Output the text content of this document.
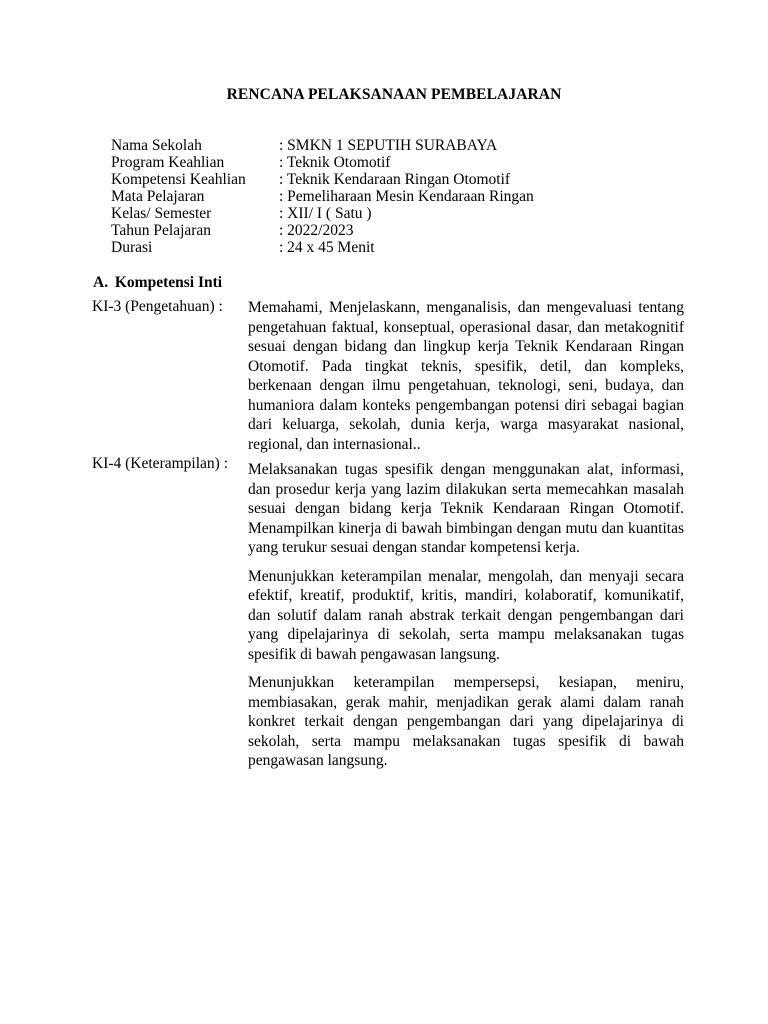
RENCANA PELAKSANAAN PEMBELAJARAN
Nama Sekolah	: SMKN 1 SEPUTIH SURABAYA
Program Keahlian	: Teknik Otomotif
Kompetensi Keahlian	: Teknik Kendaraan Ringan Otomotif
Mata Pelajaran	: Pemeliharaan Mesin Kendaraan Ringan
Kelas/ Semester	: XII/ I ( Satu )
Tahun Pelajaran	: 2022/2023
Durasi	: 24 x 45 Menit
A. Kompetensi Inti
KI-3 (Pengetahuan) : Memahami, Menjelaskann, menganalisis, dan mengevaluasi tentang pengetahuan faktual, konseptual, operasional dasar, dan metakognitif sesuai dengan bidang dan lingkup kerja Teknik Kendaraan Ringan Otomotif. Pada tingkat teknis, spesifik, detil, dan kompleks, berkenaan dengan ilmu pengetahuan, teknologi, seni, budaya, dan humaniora dalam konteks pengembangan potensi diri sebagai bagian dari keluarga, sekolah, dunia kerja, warga masyarakat nasional, regional, dan internasional..

KI-4 (Keterampilan) : Melaksanakan tugas spesifik dengan menggunakan alat, informasi, dan prosedur kerja yang lazim dilakukan serta memecahkan masalah sesuai dengan bidang kerja Teknik Kendaraan Ringan Otomotif. Menampilkan kinerja di bawah bimbingan dengan mutu dan kuantitas yang terukur sesuai dengan standar kompetensi kerja.

Menunjukkan keterampilan menalar, mengolah, dan menyaji secara efektif, kreatif, produktif, kritis, mandiri, kolaboratif, komunikatif, dan solutif dalam ranah abstrak terkait dengan pengembangan dari yang dipelajarinya di sekolah, serta mampu melaksanakan tugas spesifik di bawah pengawasan langsung.

Menunjukkan keterampilan mempersepsi, kesiapan, meniru, membiasakan, gerak mahir, menjadikan gerak alami dalam ranah konkret terkait dengan pengembangan dari yang dipelajarinya di sekolah, serta mampu melaksanakan tugas spesifik di bawah pengawasan langsung.
